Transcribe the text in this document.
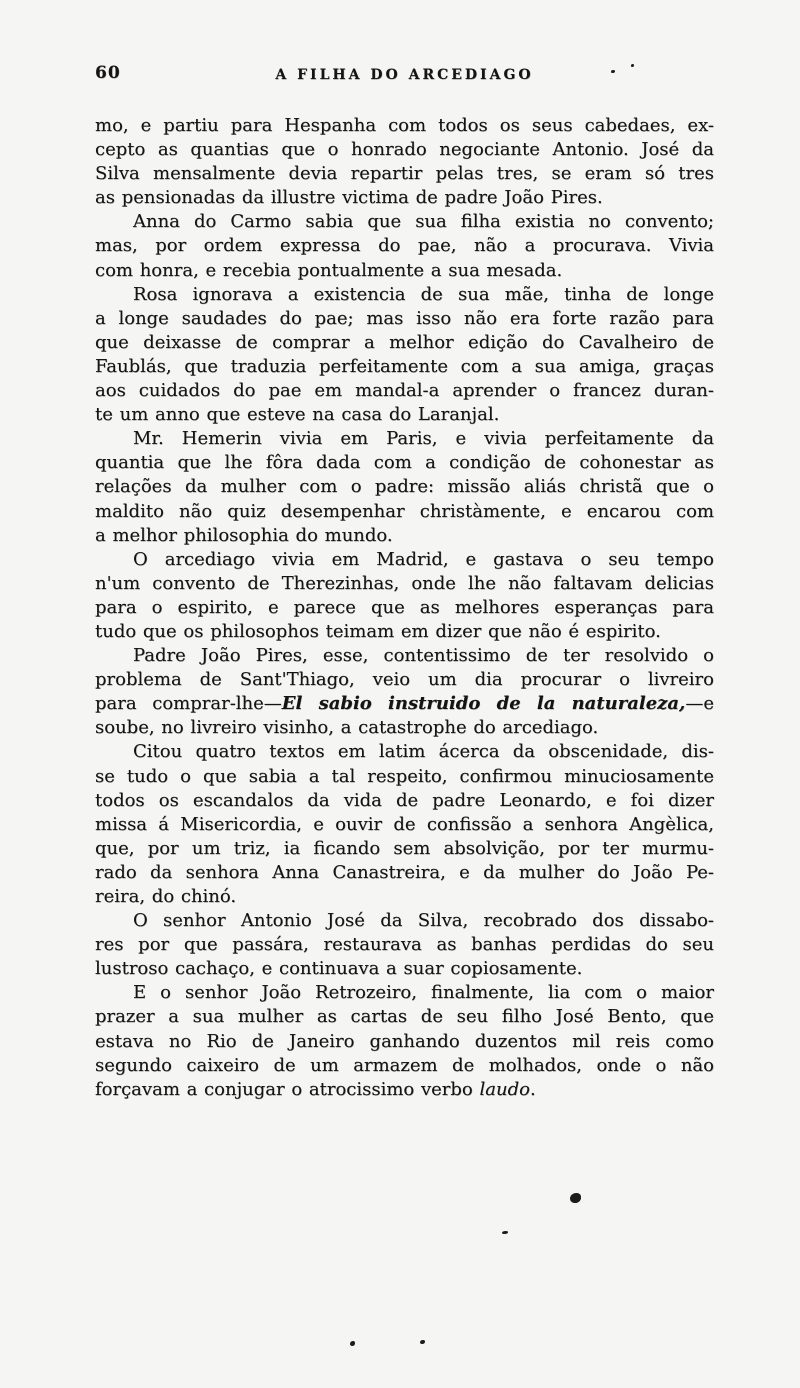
60	A FILHA DO ARCEDIAGO
mo, e partiu para Hespanha com todos os seus cabedaes, ex-
cepto as quantias que o honrado negociante Antonio. José da
Silva mensalmente devia repartir pelas tres, se eram só tres
as pensionadas da illustre victima de padre João Pires.
Anna do Carmo sabia que sua filha existia no convento;
mas, por ordem expressa do pae, não a procurava. Vivia
com honra, e recebia pontualmente a sua mesada.
Rosa ignorava a existencia de sua mãe, tinha de longe
a longe saudades do pae; mas isso não era forte razão para
que deixasse de comprar a melhor edição do Cavalheiro de
Faublás, que traduzia perfeitamente com a sua amiga, graças
aos cuidados do pae em mandal-a aprender o francez duran-
te um anno que esteve na casa do Laranjal.
Mr. Hemerin vivia em Paris, e vivia perfeitamente da
quantia que lhe fôra dada com a condição de cohonestar as
relações da mulher com o padre: missão aliás christã que o
maldito não quiz desempenhar christàmente, e encarou com
a melhor philosophia do mundo.
O arcediago vivia em Madrid, e gastava o seu tempo
n'um convento de Therezinhas, onde lhe não faltavam delicias
para o espirito, e parece que as melhores esperanças para
tudo que os philosophos teimam em dizer que não é espirito.
Padre João Pires, esse, contentissimo de ter resolvido o
problema de Sant'Thiago, veio um dia procurar o livreiro
para comprar-lhe—El sabio instruido de la naturaleza,—e
soube, no livreiro visinho, a catastrophe do arcediago.
Citou quatro textos em latim ácerca da obscenidade, dis-
se tudo o que sabia a tal respeito, confirmou minuciosamente
todos os escandalos da vida de padre Leonardo, e foi dizer
missa á Misericordia, e ouvir de confissão a senhora Angèlica,
que, por um triz, ia ficando sem absolvição, por ter murmu-
rado da senhora Anna Canastreira, e da mulher do João Pe-
reira, do chinó.
O senhor Antonio José da Silva, recobrado dos dissabo-
res por que passára, restaurava as banhas perdidas do seu
lustroso cachaço, e continuava a suar copiosamente.
E o senhor João Retrozeiro, finalmente, lia com o maior
prazer a sua mulher as cartas de seu filho José Bento, que
estava no Rio de Janeiro ganhando duzentos mil reis como
segundo caixeiro de um armazem de molhados, onde o não
forçavam a conjugar o atrocissimo verbo laudo.
